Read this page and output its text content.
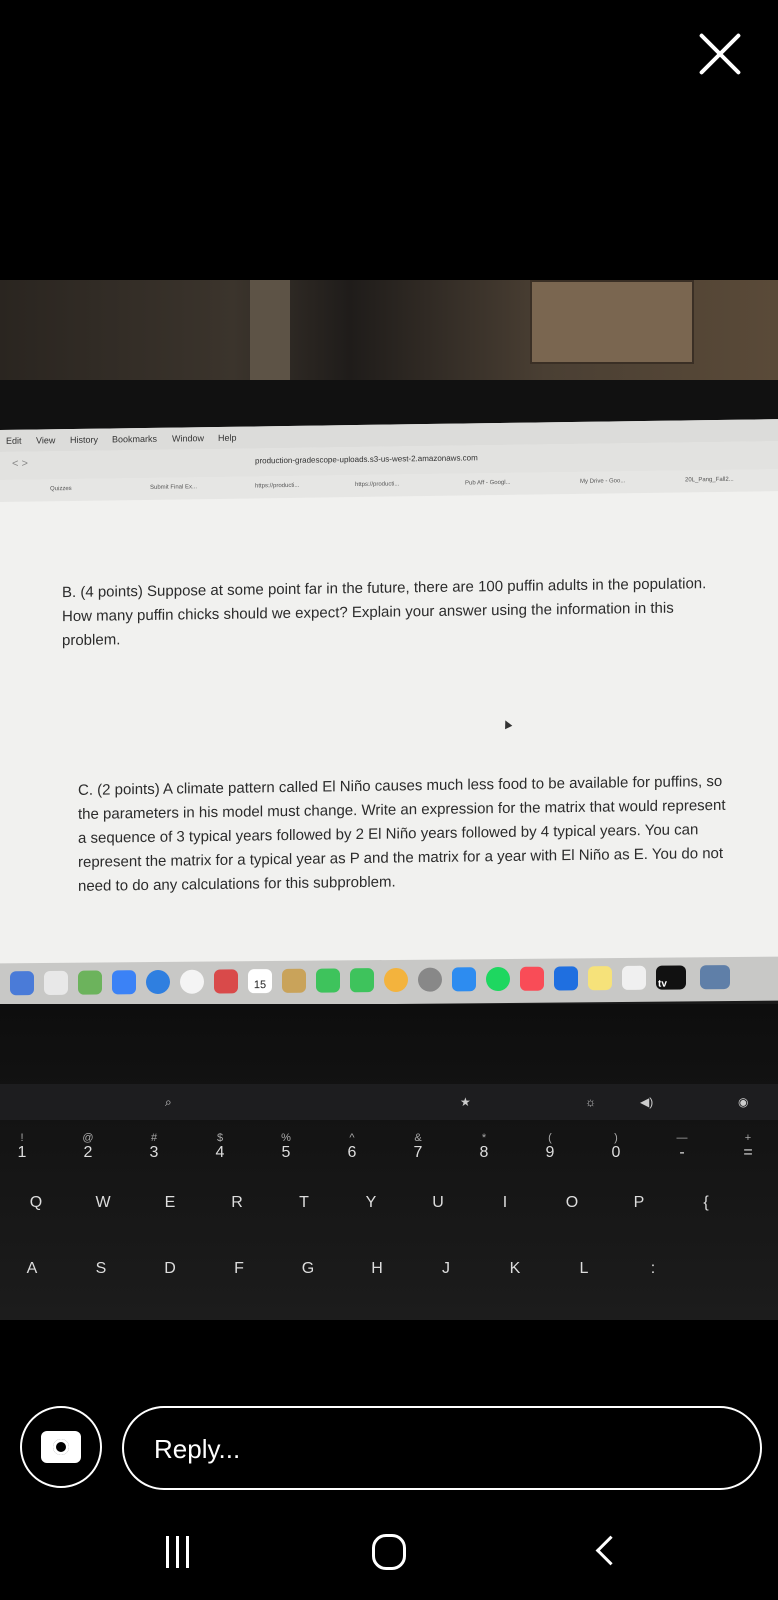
Edit View History Bookmarks Window Help
< >	production-gradescope-uploads.s3-us-west-2.amazonaws.com
Quizzes	Submit Final Ex...	https://producti...	https://producti...	Pub Aff - Googl...	My Drive - Goo...	20L_Pang_Fall2...
B. (4 points) Suppose at some point far in the future, there are 100 puffin adults in the population. How many puffin chicks should we expect? Explain your answer using the information in this problem.
C. (2 points) A climate pattern called El Niño causes much less food to be available for puffins, so the parameters in his model must change. Write an expression for the matrix that would represent a sequence of 3 typical years followed by 2 El Niño years followed by 4 typical years. You can represent the matrix for a typical year as P and the matrix for a year with El Niño as E. You do not need to do any calculations for this subproblem.
15	tv
⌕	★	☼	◀)	◉
!
1
@
2
#
3
$
4
%
5
^
6
&
7
*
8
(
9
)
0
—
-
+
=
Q	W	E	R	T	Y	U	I	O	P	{
A	S	D	F	G	H	J	K	L	:
Reply...
